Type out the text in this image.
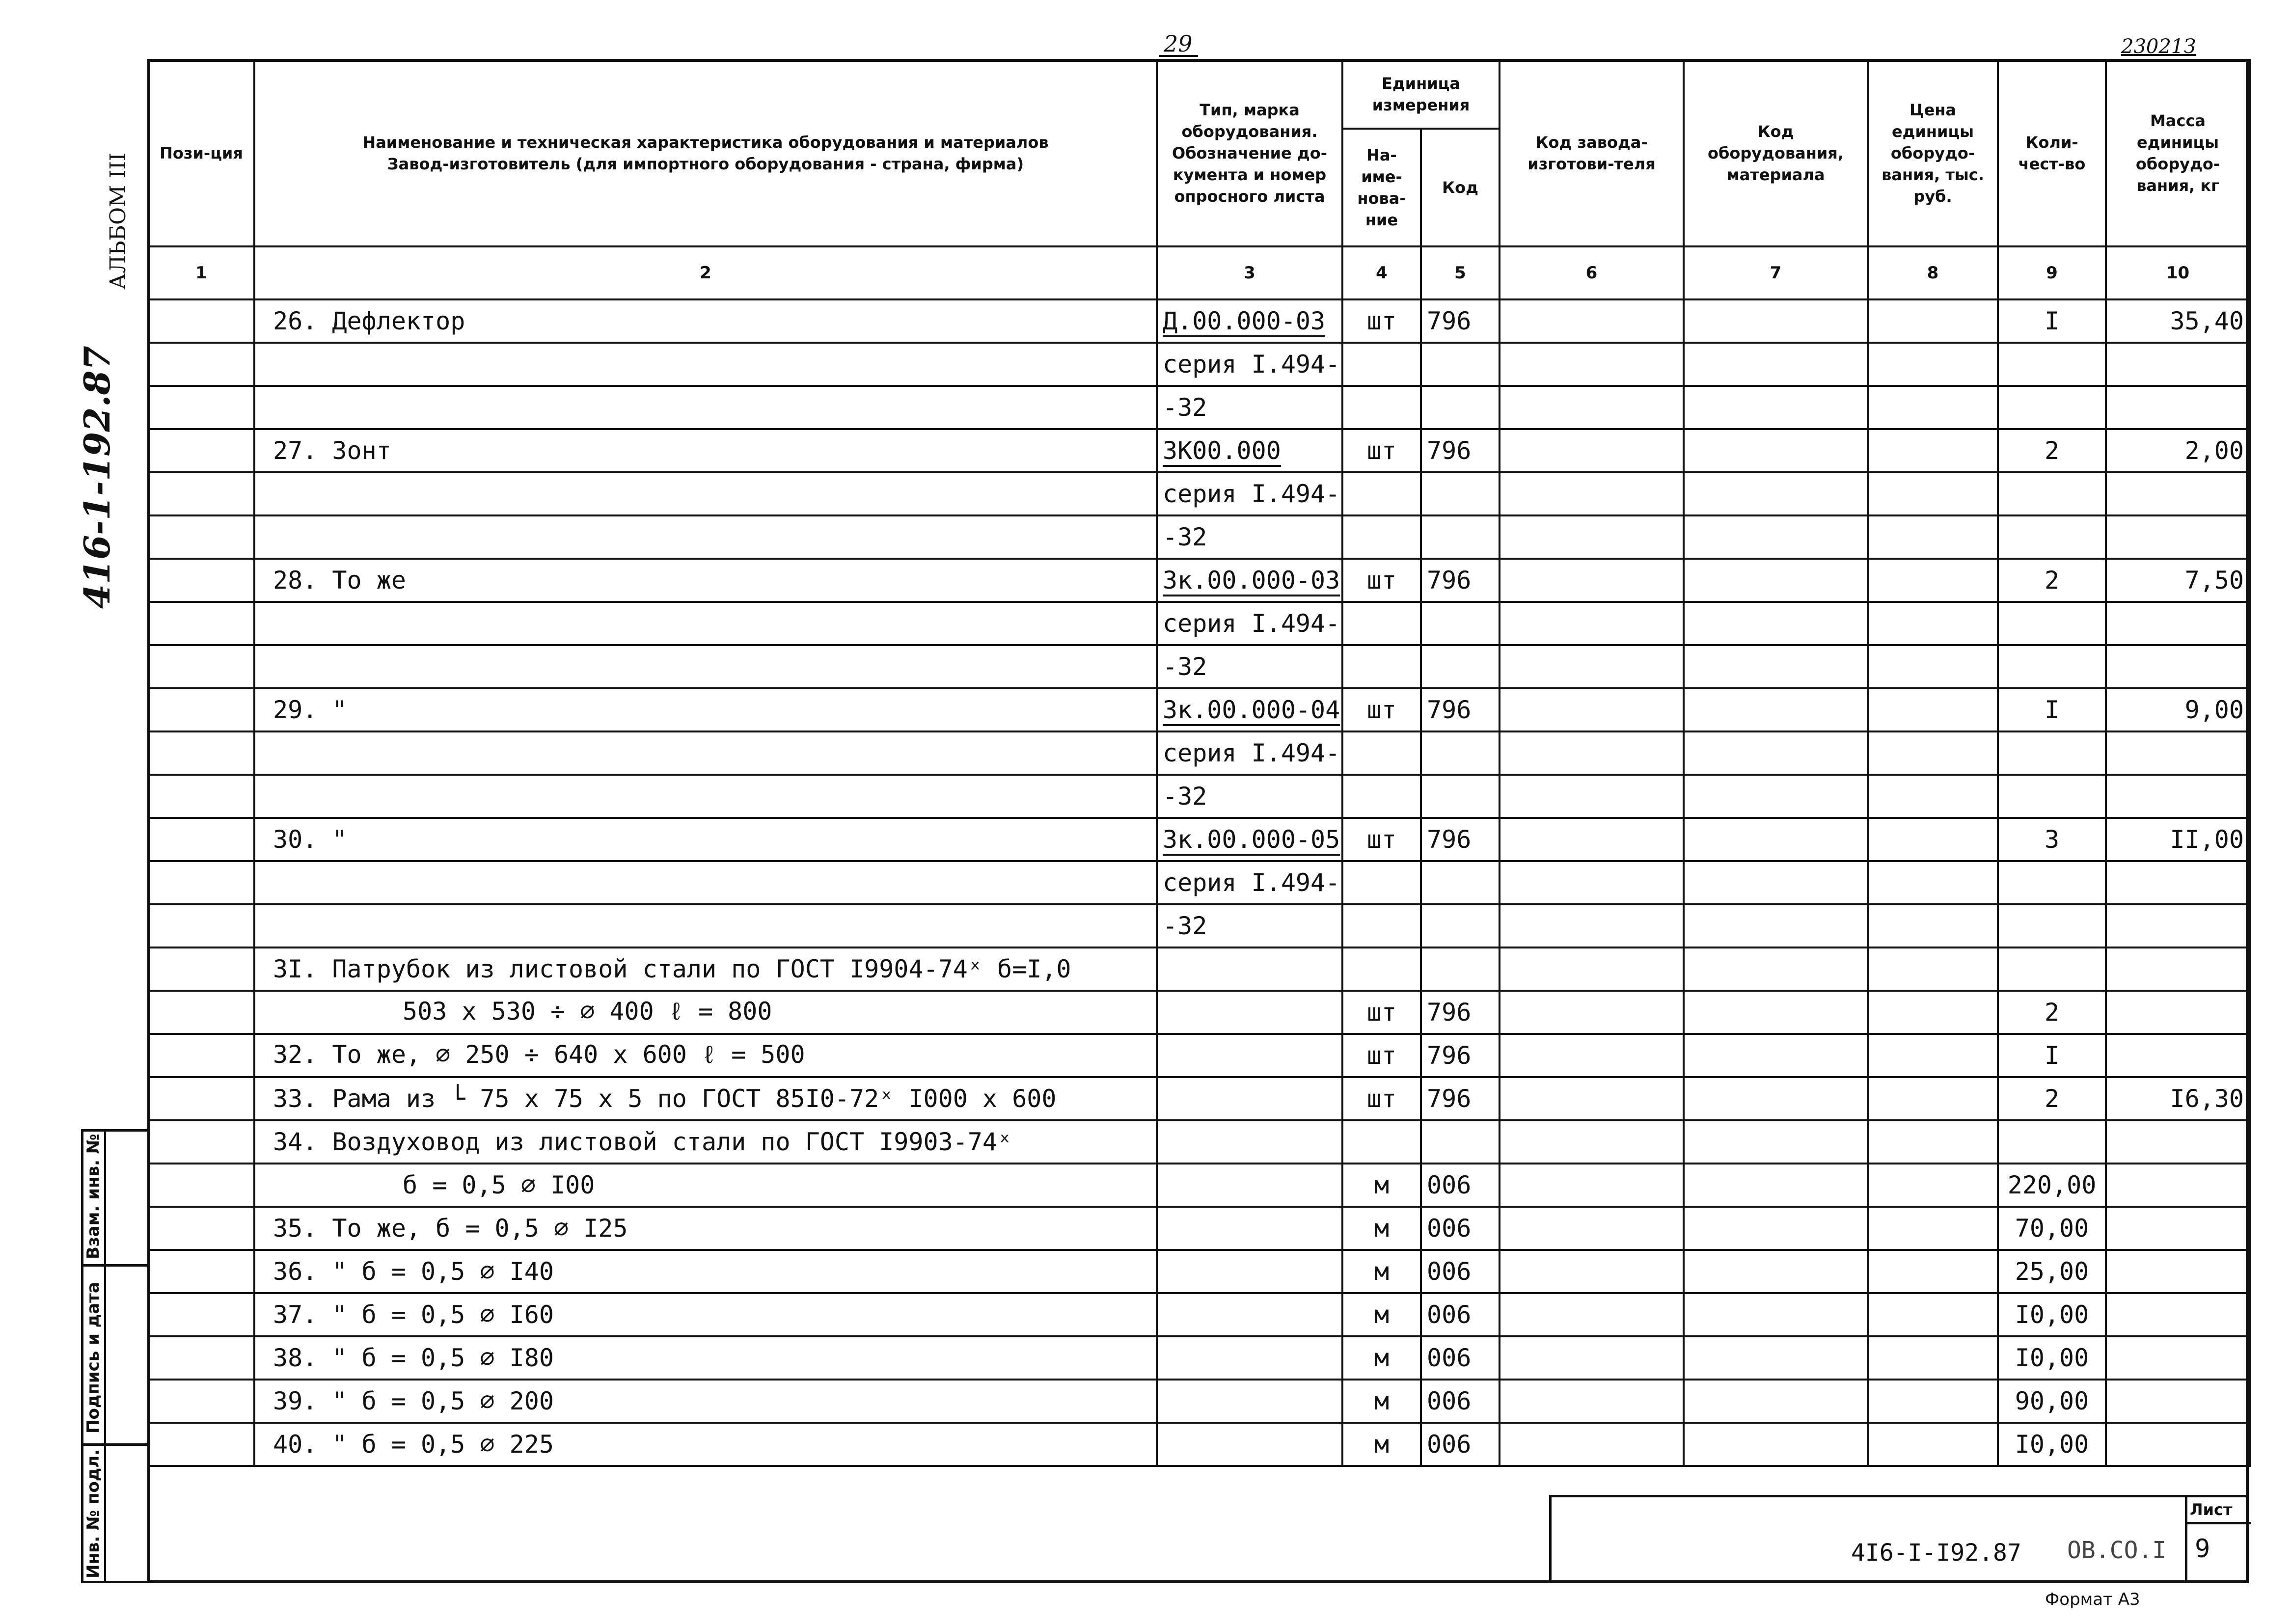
29	23021З
АЛЬБОМ III
416-1-192.87
Взам. инв. №
Подпись и дата
Инв. № подл.
Пози-ция	Наименование и техническая характеристика оборудования и материалов
Завод-изготовитель (для импортного оборудования - страна, фирма)	Тип, марка оборудования. Обозначение до-кумента и номер опросного листа	Единица измерения		Код завода-изготови-теля	Код оборудования, материала	Цена единицы оборудо-вания, тыс. руб.	Коли-чест-во	Масса единицы оборудо-вания, кг
			На-име-нова-ние	Код					
1	2	3	4	5	6	7	8	9	10
	26. Дефлектор	Д.00.000-03	шт	796				I	35,40
		серия I.494-							
		-32							
	27. Зонт	ЗК00.000	шт	796				2	2,00
		серия I.494-							
		-32							
	28. То же	Зк.00.000-03	шт	796				2	7,50
		серия I.494-							
		-32							
	29. "	Зк.00.000-04	шт	796				I	9,00
		серия I.494-							
		-32							
	30. "	Зк.00.000-05	шт	796				3	II,00
		серия I.494-							
		-32							
	3I. Патрубок из листовой стали по ГОСТ I9904-74ˣ б=I,0								
	503 х 530 ÷ ⌀ 400 ℓ = 800		шт	796				2	
	32. То же, ⌀ 250 ÷ 640 х 600 ℓ = 500		шт	796				I	
	33. Рама из └ 75 х 75 х 5 по ГОСТ 85I0-72ˣ I000 х 600		шт	796				2	I6,30
	34. Воздуховод из листовой стали по ГОСТ I9903-74ˣ								
	б = 0,5 ⌀ I00		м	006				220,00	
	35. То же, б = 0,5 ⌀ I25		м	006				70,00	
	36. " б = 0,5 ⌀ I40		м	006				25,00	
	37. " б = 0,5 ⌀ I60		м	006				I0,00	
	38. " б = 0,5 ⌀ I80		м	006				I0,00	
	39. " б = 0,5 ⌀ 200		м	006				90,00	
	40. " б = 0,5 ⌀ 225		м	006				I0,00	
4I6-I-I92.87 ОВ.СО.I
Лист
9
Формат А3
